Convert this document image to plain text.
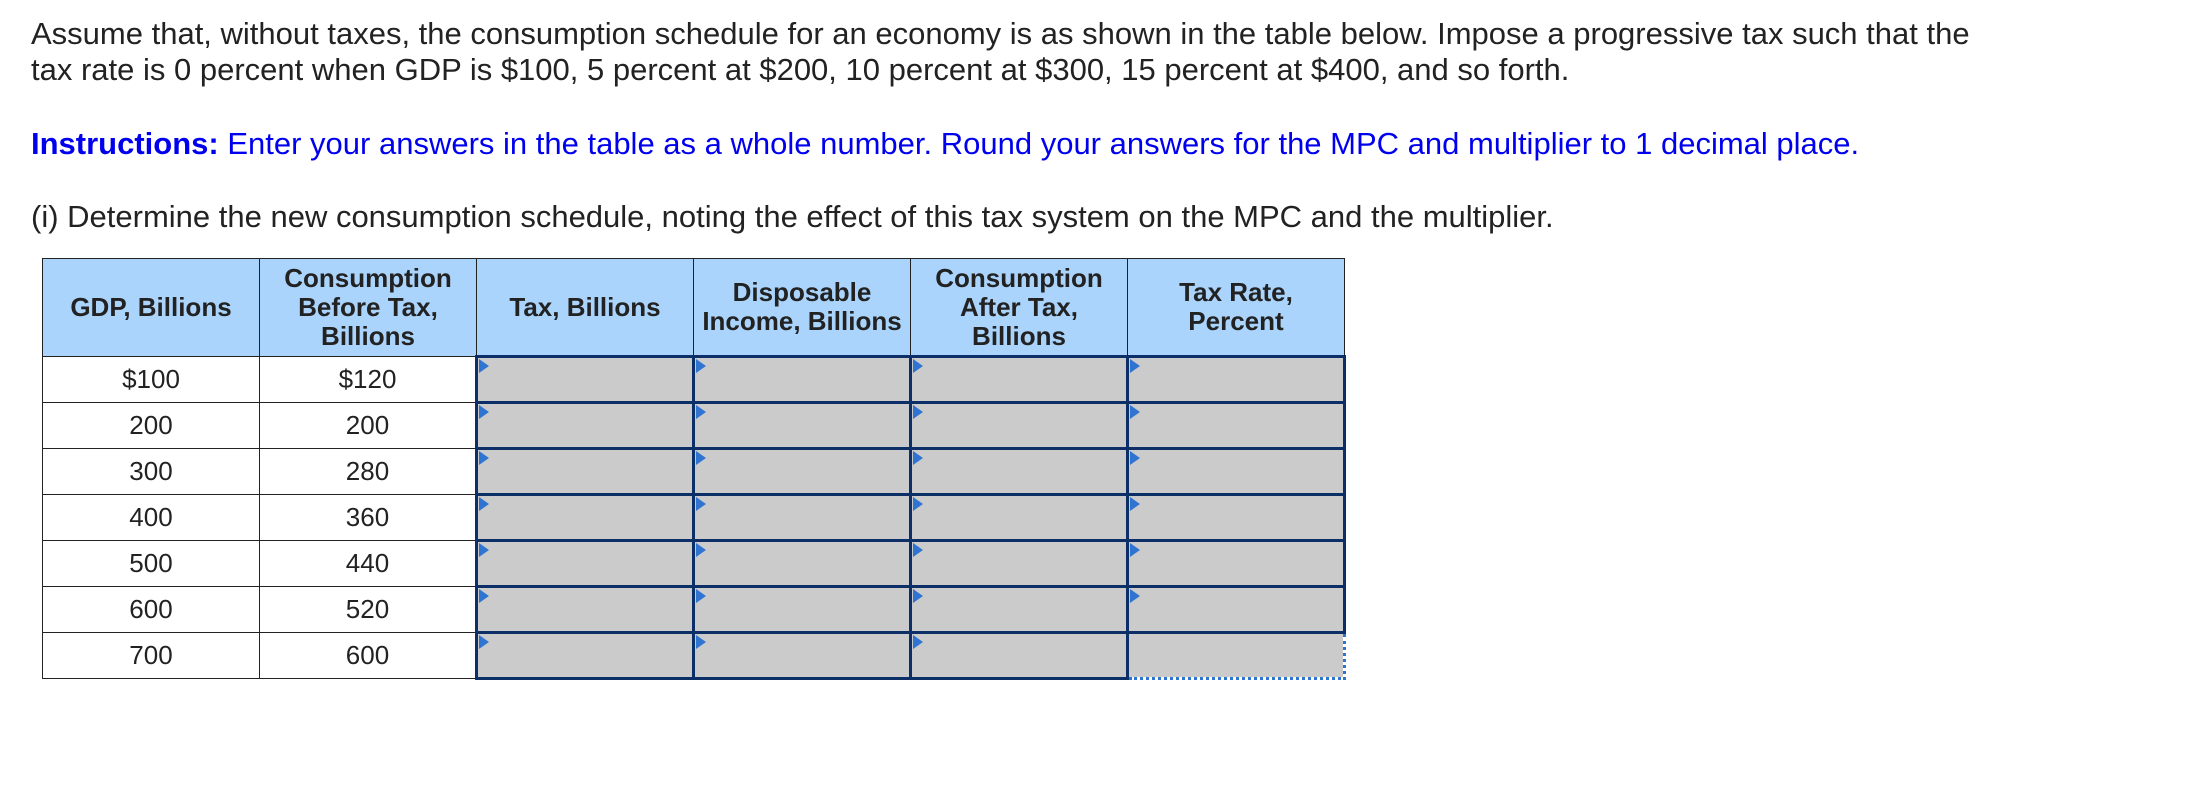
Assume that, without taxes, the consumption schedule for an economy is as shown in the table below. Impose a progressive tax such that the tax rate is 0 percent when GDP is $100, 5 percent at $200, 10 percent at $300, 15 percent at $400, and so forth.

Instructions: Enter your answers in the table as a whole number. Round your answers for the MPC and multiplier to 1 decimal place.

(i) Determine the new consumption schedule, noting the effect of this tax system on the MPC and the multiplier.

GDP, Billions	Consumption Before Tax, Billions	Tax, Billions	Disposable Income, Billions	Consumption After Tax, Billions	Tax Rate, Percent
$100	$120				
200	200				
300	280				
400	360				
500	440				
600	520				
700	600				
